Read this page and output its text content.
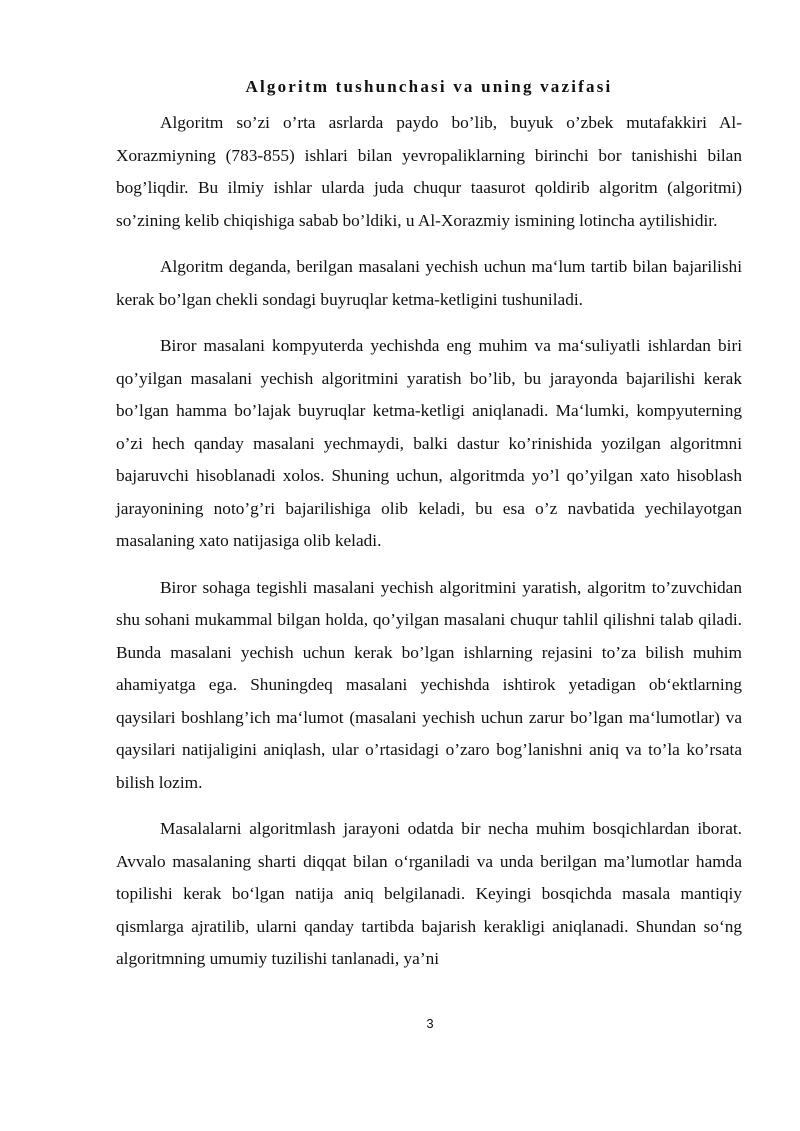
Algoritm tushunchasi va uning vazifasi

Algoritm so’zi o’rta asrlarda paydo bo’lib, buyuk o’zbek mutafakkiri Al-Xorazmiyning (783-855) ishlari bilan yevropaliklarning birinchi bor tanishishi bilan bog’liqdir. Bu ilmiy ishlar ularda juda chuqur taasurot qoldirib algoritm (algoritmi) so’zining kelib chiqishiga sabab bo’ldiki, u Al-Xorazmiy ismining lotincha aytilishidir.

Algoritm deganda, berilgan masalani yechish uchun ma‘lum tartib bilan bajarilishi kerak bo’lgan chekli sondagi buyruqlar ketma-ketligini tushuniladi.

Biror masalani kompyuterda yechishda eng muhim va ma‘suliyatli ishlardan biri qo’yilgan masalani yechish algoritmini yaratish bo’lib, bu jarayonda bajarilishi kerak bo’lgan hamma bo’lajak buyruqlar ketma-ketligi aniqlanadi. Ma‘lumki, kompyuterning o’zi hech qanday masalani yechmaydi, balki dastur ko’rinishida yozilgan algoritmni bajaruvchi hisoblanadi xolos. Shuning uchun, algoritmda yo’l qo’yilgan xato hisoblash jarayonining noto’g’ri bajarilishiga olib keladi, bu esa o’z navbatida yechilayotgan masalaning xato natijasiga olib keladi.

Biror sohaga tegishli masalani yechish algoritmini yaratish, algoritm to’zuvchidan shu sohani mukammal bilgan holda, qo’yilgan masalani chuqur tahlil qilishni talab qiladi. Bunda masalani yechish uchun kerak bo’lgan ishlarning rejasini to’za bilish muhim ahamiyatga ega. Shuningdeq masalani yechishda ishtirok yetadigan ob‘ektlarning qaysilari boshlang’ich ma‘lumot (masalani yechish uchun zarur bo’lgan ma‘lumotlar) va qaysilari natijaligini aniqlash, ular o’rtasidagi o’zaro bog’lanishni aniq va to’la ko’rsata bilish lozim.

Masalalarni algoritmlash jarayoni odatda bir necha muhim bosqichlardan iborat. Avvalo masalaning sharti diqqat bilan o‘rganiladi va unda berilgan ma’lumotlar hamda topilishi kerak bo‘lgan natija aniq belgilanadi. Keyingi bosqichda masala mantiqiy qismlarga ajratilib, ularni qanday tartibda bajarish kerakligi aniqlanadi. Shundan so‘ng algoritmning umumiy tuzilishi tanlanadi, ya’ni

3
